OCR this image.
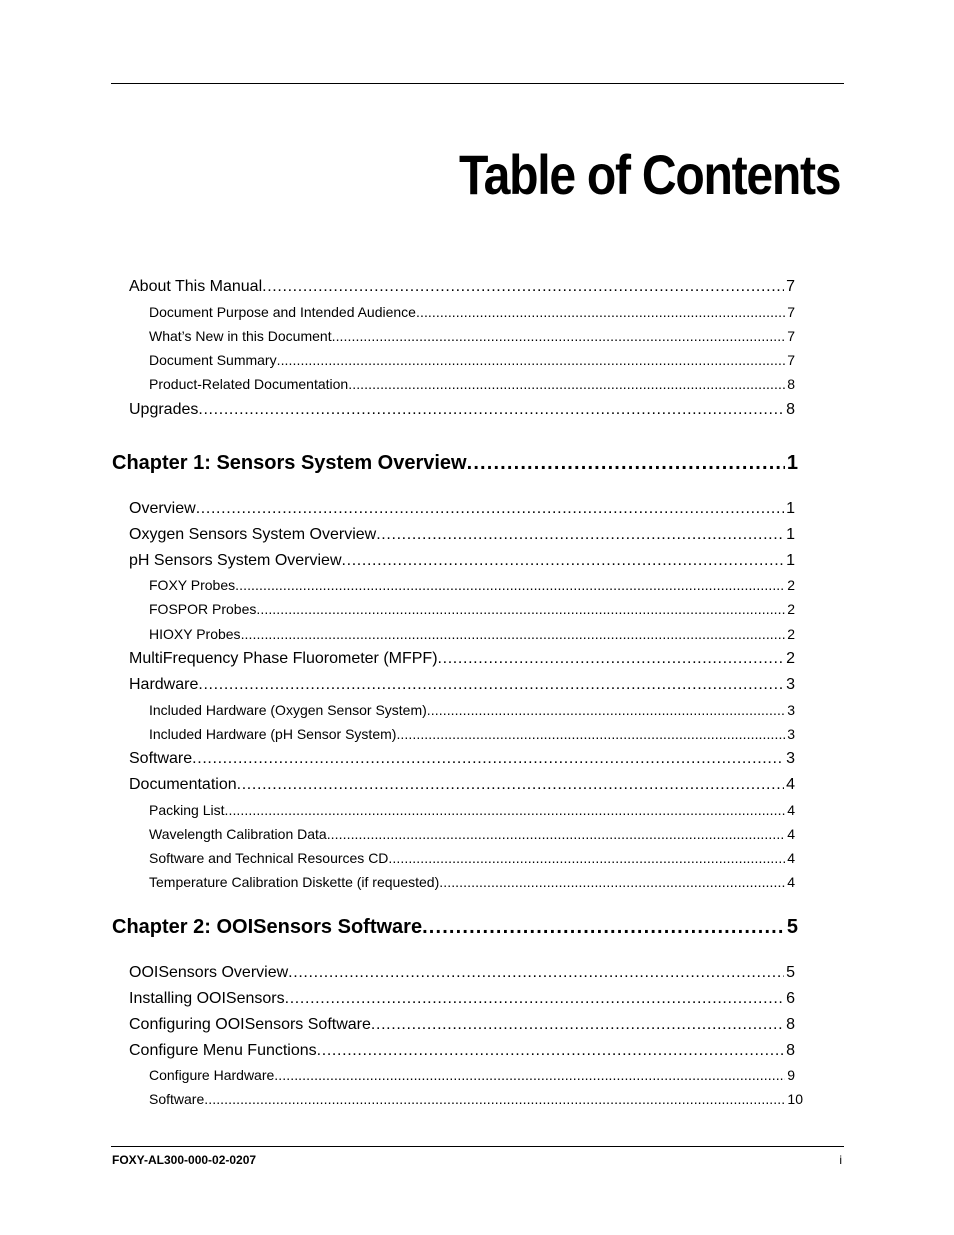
Table of Contents
About This Manual . . .	7
Document Purpose and Intended Audience . . .	7
What’s New in this Document . . .	7
Document Summary . . .	7
Product-Related Documentation . . .	8
Upgrades . . .	8
Chapter 1: Sensors System Overview . . .	1
Overview . . .	1
Oxygen Sensors System Overview . . .	1
pH Sensors System Overview . . .	1
FOXY Probes . . .	2
FOSPOR Probes . . .	2
HIOXY Probes . . .	2
MultiFrequency Phase Fluorometer (MFPF) . . .	2
Hardware . . .	3
Included Hardware (Oxygen Sensor System) . . .	3
Included Hardware (pH Sensor System) . . .	3
Software . . .	3
Documentation . . .	4
Packing List . . .	4
Wavelength Calibration Data . . .	4
Software and Technical Resources CD . . .	4
Temperature Calibration Diskette (if requested) . . .	4
Chapter 2: OOISensors Software . . .	5
OOISensors Overview . . .	5
Installing OOISensors . . .	6
Configuring OOISensors Software . . .	8
Configure Menu Functions . . .	8
Configure Hardware . . .	9
Software . . .	10
FOXY-AL300-000-02-0207	i
